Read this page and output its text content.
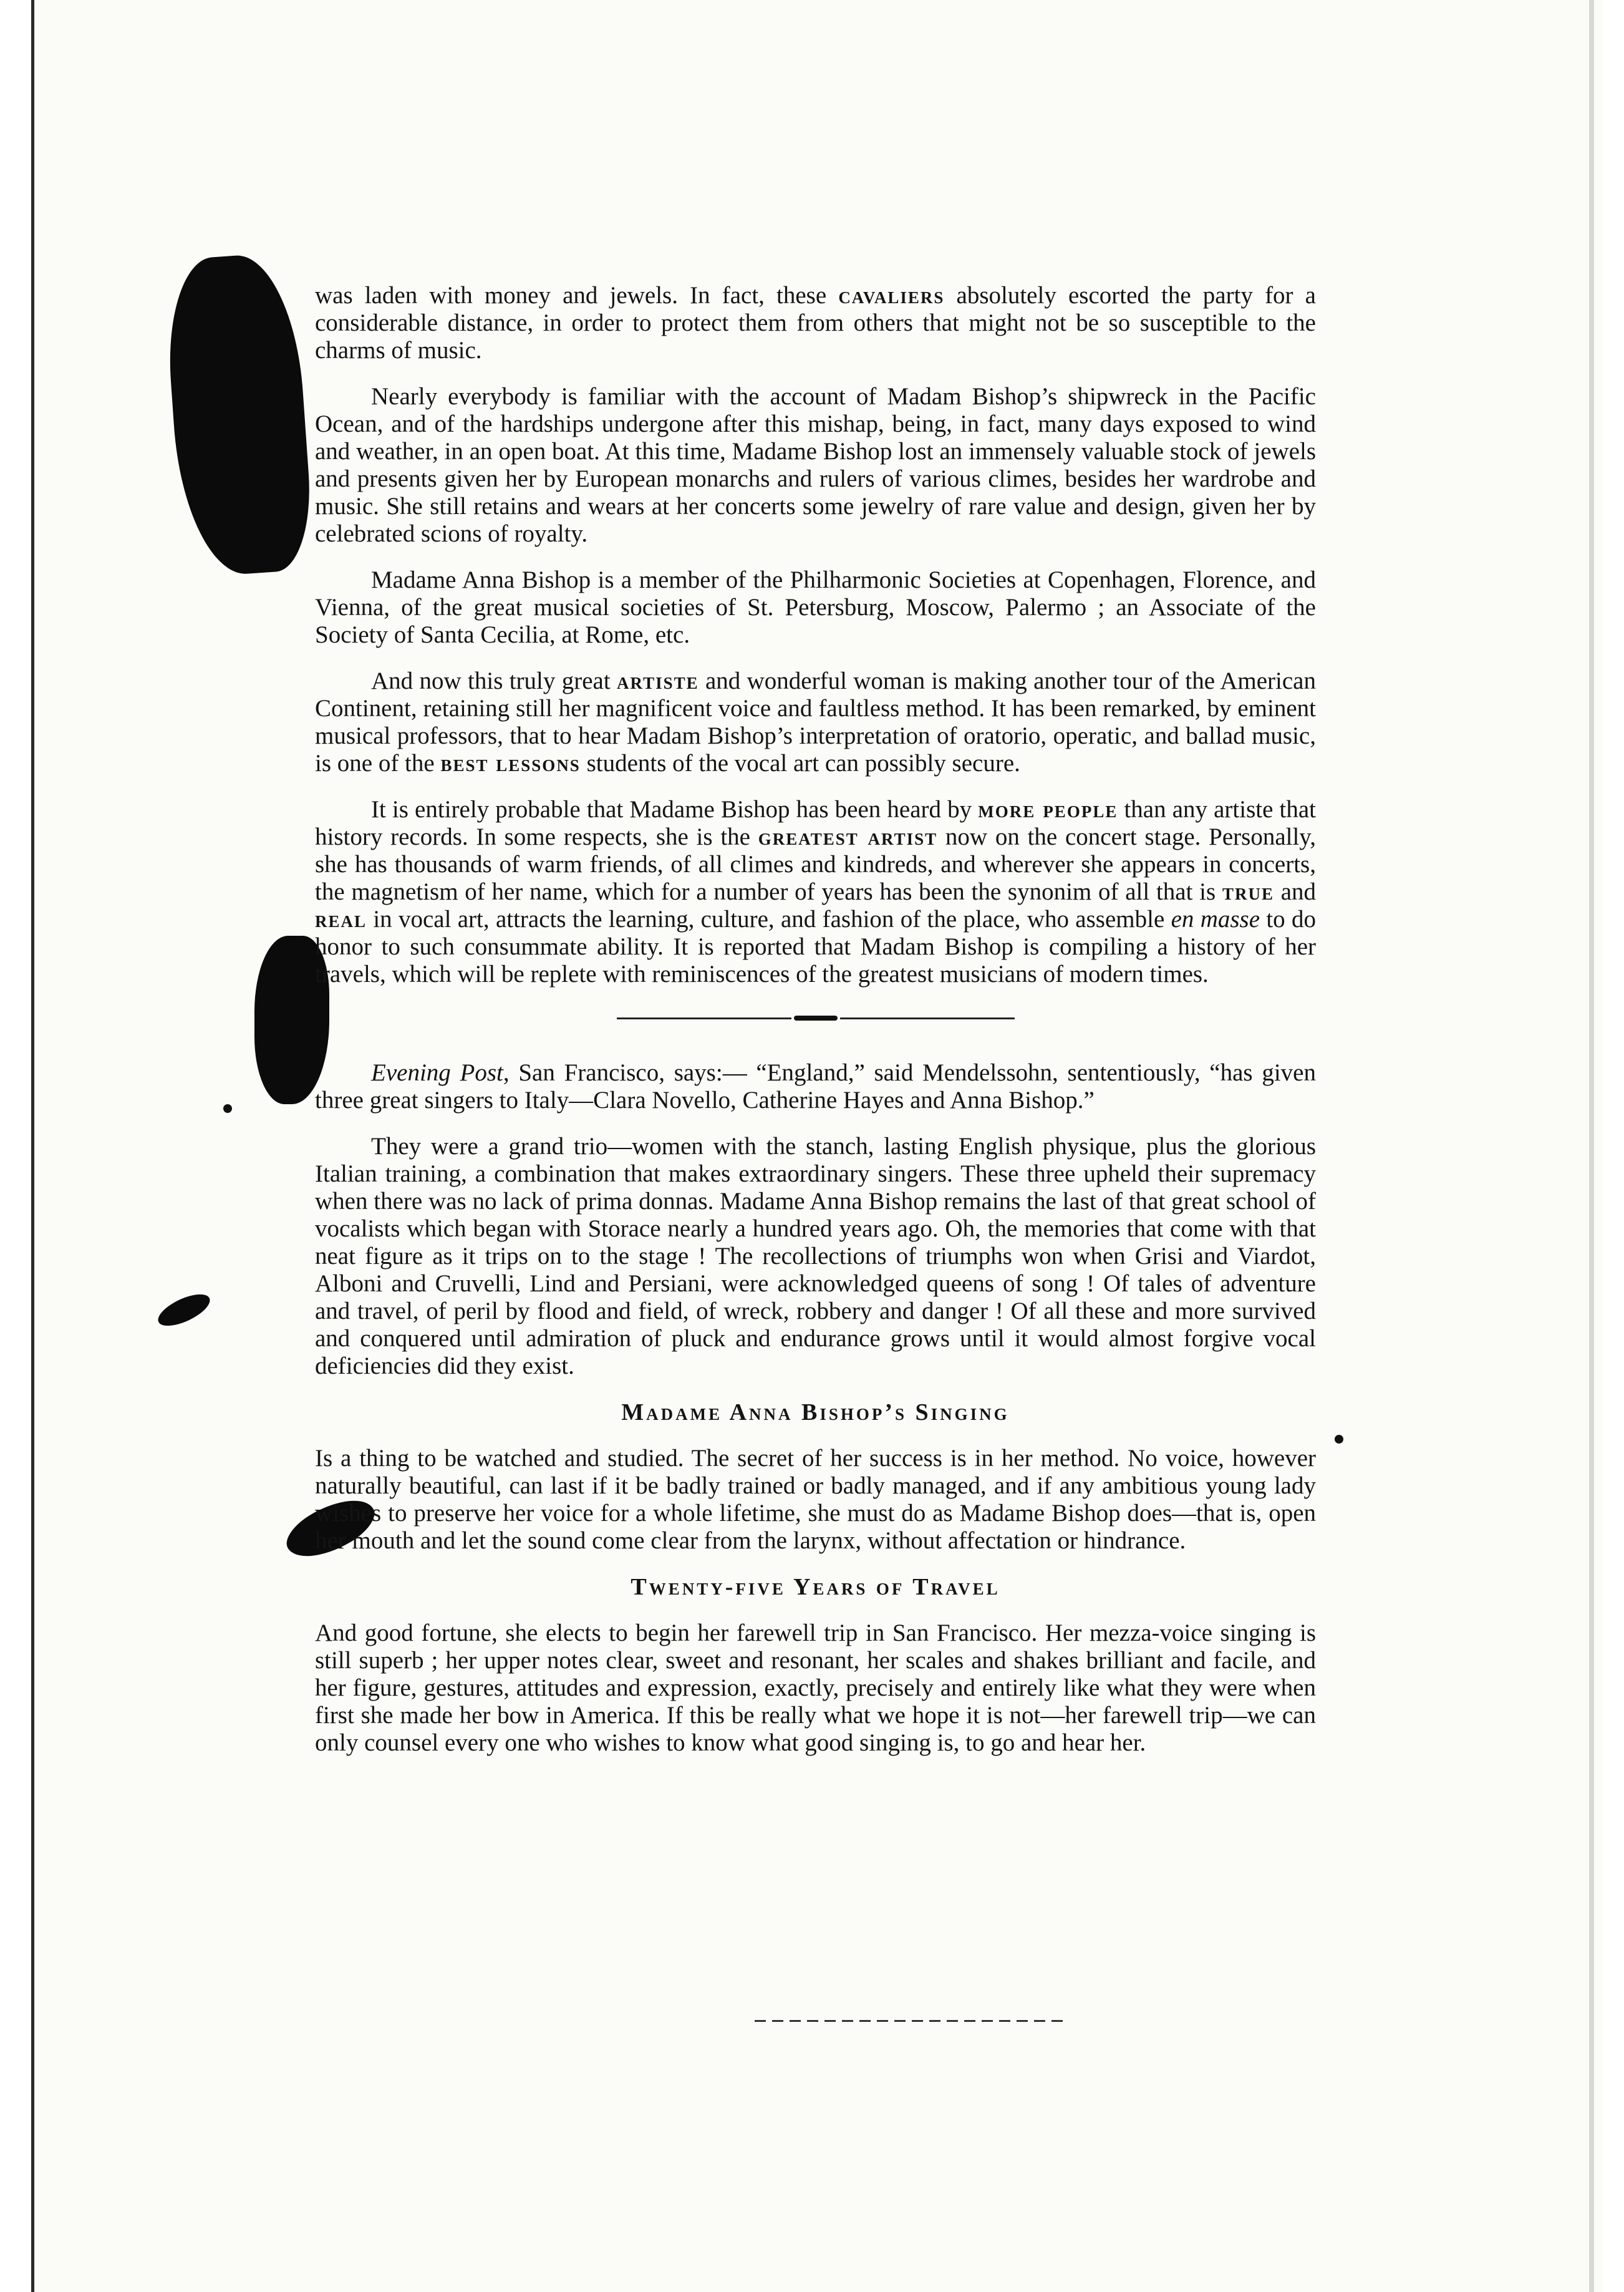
was laden with money and jewels. In fact, these cavaliers absolutely escorted the party for a considerable distance, in order to protect them from others that might not be so susceptible to the charms of music.

Nearly everybody is familiar with the account of Madam Bishop’s shipwreck in the Pacific Ocean, and of the hardships undergone after this mishap, being, in fact, many days exposed to wind and weather, in an open boat. At this time, Madame Bishop lost an immensely valuable stock of jewels and presents given her by European monarchs and rulers of various climes, besides her wardrobe and music. She still retains and wears at her concerts some jewelry of rare value and design, given her by celebrated scions of royalty.

Madame Anna Bishop is a member of the Philharmonic Societies at Copenhagen, Florence, and Vienna, of the great musical societies of St. Petersburg, Moscow, Palermo ; an Associate of the Society of Santa Cecilia, at Rome, etc.

And now this truly great artiste and wonderful woman is making another tour of the American Continent, retaining still her magnificent voice and faultless method. It has been remarked, by eminent musical professors, that to hear Madam Bishop’s interpretation of oratorio, operatic, and ballad music, is one of the best lessons students of the vocal art can possibly secure.

It is entirely probable that Madame Bishop has been heard by more people than any artiste that history records. In some respects, she is the greatest artist now on the concert stage. Personally, she has thousands of warm friends, of all climes and kindreds, and wherever she appears in concerts, the magnetism of her name, which for a number of years has been the synonim of all that is true and real in vocal art, attracts the learning, culture, and fashion of the place, who assemble en masse to do honor to such consummate ability. It is reported that Madam Bishop is compiling a history of her travels, which will be replete with reminiscences of the greatest musicians of modern times.

Evening Post, San Francisco, says:— “England,” said Mendelssohn, sententiously, “has given three great singers to Italy—Clara Novello, Catherine Hayes and Anna Bishop.”

They were a grand trio—women with the stanch, lasting English physique, plus the glorious Italian training, a combination that makes extraordinary singers. These three upheld their supremacy when there was no lack of prima donnas. Madame Anna Bishop remains the last of that great school of vocalists which began with Storace nearly a hundred years ago. Oh, the memories that come with that neat figure as it trips on to the stage ! The recollections of triumphs won when Grisi and Viardot, Alboni and Cruvelli, Lind and Persiani, were acknowledged queens of song ! Of tales of adventure and travel, of peril by flood and field, of wreck, robbery and danger ! Of all these and more survived and conquered until admiration of pluck and endurance grows until it would almost forgive vocal deficiencies did they exist.

Madame Anna Bishop’s Singing

Is a thing to be watched and studied. The secret of her success is in her method. No voice, however naturally beautiful, can last if it be badly trained or badly managed, and if any ambitious young lady wishes to preserve her voice for a whole lifetime, she must do as Madame Bishop does—that is, open her mouth and let the sound come clear from the larynx, without affectation or hindrance.

Twenty-five Years of Travel

And good fortune, she elects to begin her farewell trip in San Francisco. Her mezza-voice singing is still superb ; her upper notes clear, sweet and resonant, her scales and shakes brilliant and facile, and her figure, gestures, attitudes and expression, exactly, precisely and entirely like what they were when first she made her bow in America. If this be really what we hope it is not—her farewell trip—we can only counsel every one who wishes to know what good singing is, to go and hear her.
